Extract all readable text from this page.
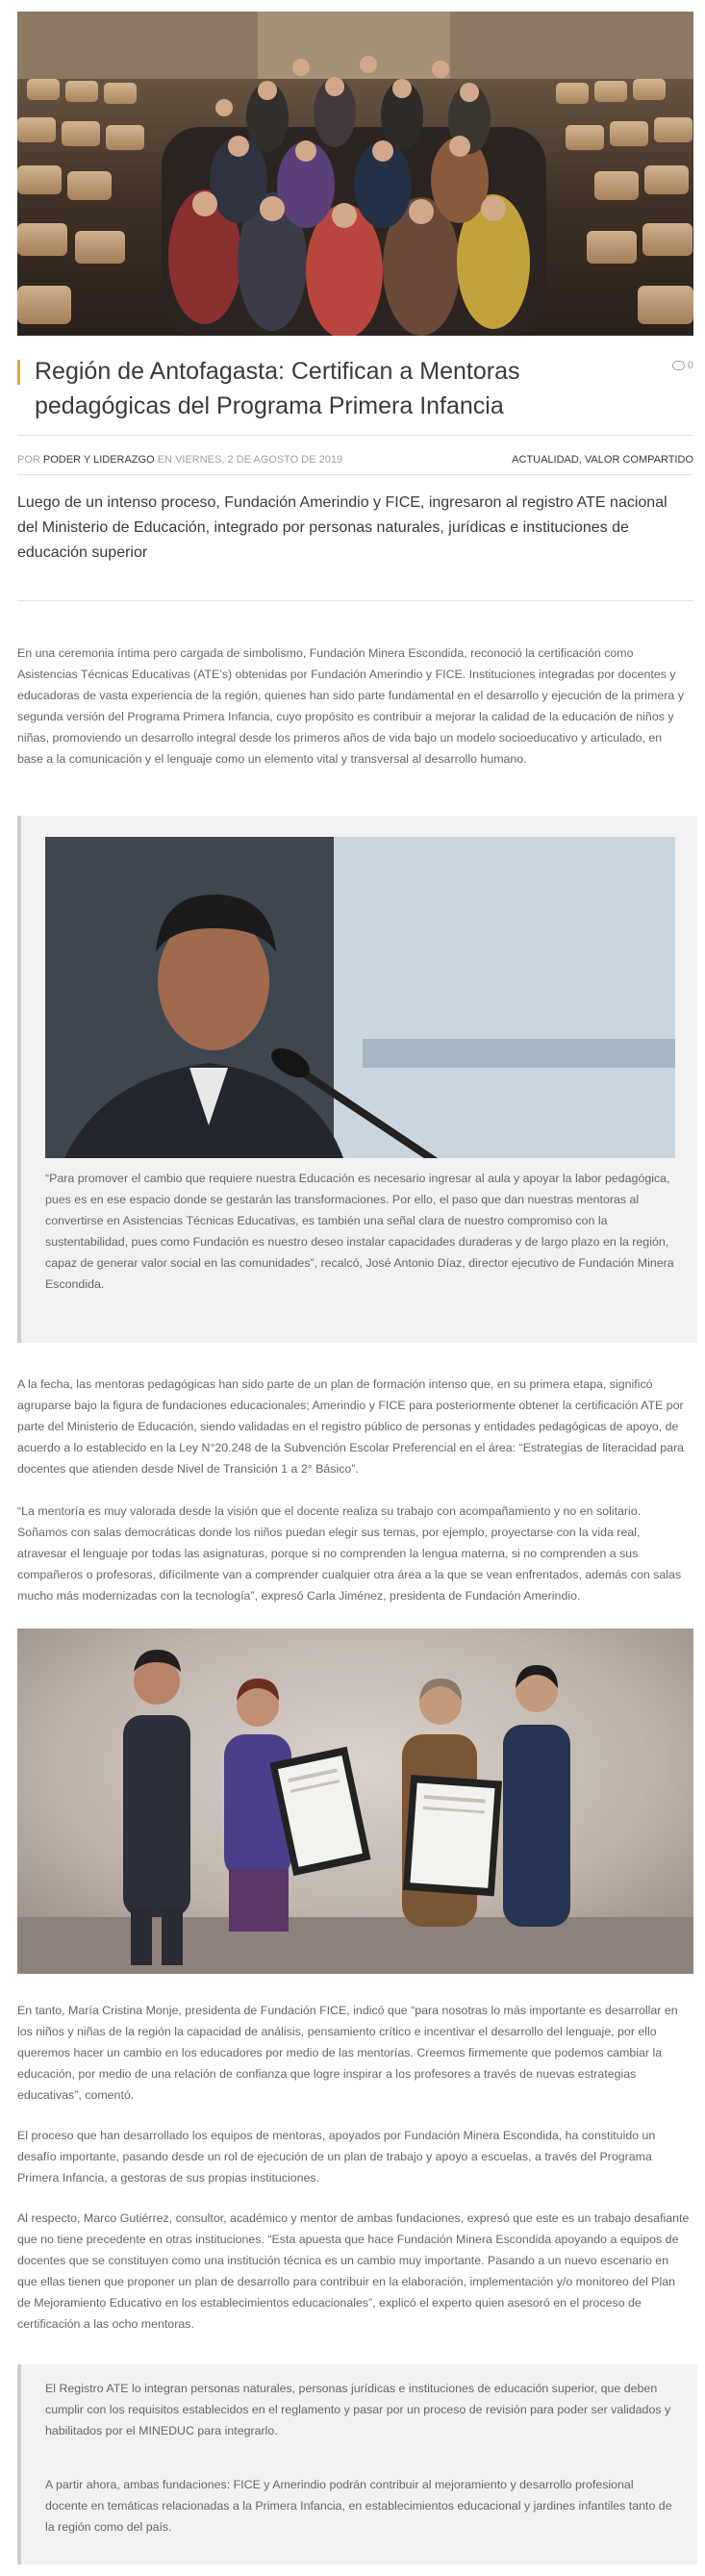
Región de Antofagasta: Certifican a Mentoras pedagógicas del Programa Primera Infancia
0
POR PODER Y LIDERAZGO EN VIERNES, 2 DE AGOSTO DE 2019	ACTUALIDAD, VALOR COMPARTIDO

Luego de un intenso proceso, Fundación Amerindio y FICE, ingresaron al registro ATE nacional del Ministerio de Educación, integrado por personas naturales, jurídicas e instituciones de educación superior

En una ceremonia íntima pero cargada de simbolismo, Fundación Minera Escondida, reconoció la certificación como Asistencias Técnicas Educativas (ATE’s) obtenidas por Fundación Amerindio y FICE. Instituciones integradas por docentes y educadoras de vasta experiencia de la región, quienes han sido parte fundamental en el desarrollo y ejecución de la primera y segunda versión del Programa Primera Infancia, cuyo propósito es contribuir a mejorar la calidad de la educación de niños y niñas, promoviendo un desarrollo integral desde los primeros años de vida bajo un modelo socioeducativo y articulado, en base a la comunicación y el lenguaje como un elemento vital y transversal al desarrollo humano.

“Para promover el cambio que requiere nuestra Educación es necesario ingresar al aula y apoyar la labor pedagógica, pues es en ese espacio donde se gestarán las transformaciones. Por ello, el paso que dan nuestras mentoras al convertirse en Asistencias Técnicas Educativas, es también una señal clara de nuestro compromiso con la sustentabilidad, pues como Fundación es nuestro deseo instalar capacidades duraderas y de largo plazo en la región, capaz de generar valor social en las comunidades”, recalcó, José Antonio Díaz, director ejecutivo de Fundación Minera Escondida.

A la fecha, las mentoras pedagógicas han sido parte de un plan de formación intenso que, en su primera etapa, significó agruparse bajo la figura de fundaciones educacionales; Amerindio y FICE para posteriormente obtener la certificación ATE por parte del Ministerio de Educación, siendo validadas en el registro público de personas y entidades pedagógicas de apoyo, de acuerdo a lo establecido en la Ley N°20.248 de la Subvención Escolar Preferencial en el área: “Estrategias de literacidad para docentes que atienden desde Nivel de Transición 1 a 2° Básico”.

“La mentoría es muy valorada desde la visión que el docente realiza su trabajo con acompañamiento y no en solitario. Soñamos con salas democráticas donde los niños puedan elegir sus temas, por ejemplo, proyectarse con la vida real, atravesar el lenguaje por todas las asignaturas, porque si no comprenden la lengua materna, si no comprenden a sus compañeros o profesoras, difícilmente van a comprender cualquier otra área a la que se vean enfrentados, además con salas mucho más modernizadas con la tecnología”, expresó Carla Jiménez, presidenta de Fundación Amerindio.

En tanto, María Cristina Monje, presidenta de Fundación FICE, indicó que “para nosotras lo más importante es desarrollar en los niños y niñas de la región la capacidad de análisis, pensamiento crítico e incentivar el desarrollo del lenguaje, por ello queremos hacer un cambio en los educadores por medio de las mentorías. Creemos firmemente que podemos cambiar la educación, por medio de una relación de confianza que logre inspirar a los profesores a través de nuevas estrategias educativas”, comentó.

El proceso que han desarrollado los equipos de mentoras, apoyados por Fundación Minera Escondida, ha constituido un desafío importante, pasando desde un rol de ejecución de un plan de trabajo y apoyo a escuelas, a través del Programa Primera Infancia, a gestoras de sus propias instituciones.

Al respecto, Marco Gutiérrez, consultor, académico y mentor de ambas fundaciones, expresó que este es un trabajo desafiante que no tiene precedente en otras instituciones. “Esta apuesta que hace Fundación Minera Escondida apoyando a equipos de docentes que se constituyen como una institución técnica es un cambio muy importante. Pasando a un nuevo escenario en que ellas tienen que proponer un plan de desarrollo para contribuir en la elaboración, implementación y/o monitoreo del Plan de Mejoramiento Educativo en los establecimientos educacionales”, explicó el experto quien asesoró en el proceso de certificación a las ocho mentoras.

El Registro ATE lo integran personas naturales, personas jurídicas e instituciones de educación superior, que deben cumplir con los requisitos establecidos en el reglamento y pasar por un proceso de revisión para poder ser validados y habilitados por el MINEDUC para integrarlo.

A partir ahora, ambas fundaciones: FICE y Amerindio podrán contribuir al mejoramiento y desarrollo profesional docente en temáticas relacionadas a la Primera Infancia, en establecimientos educacional y jardines infantiles tanto de la región como del país.
